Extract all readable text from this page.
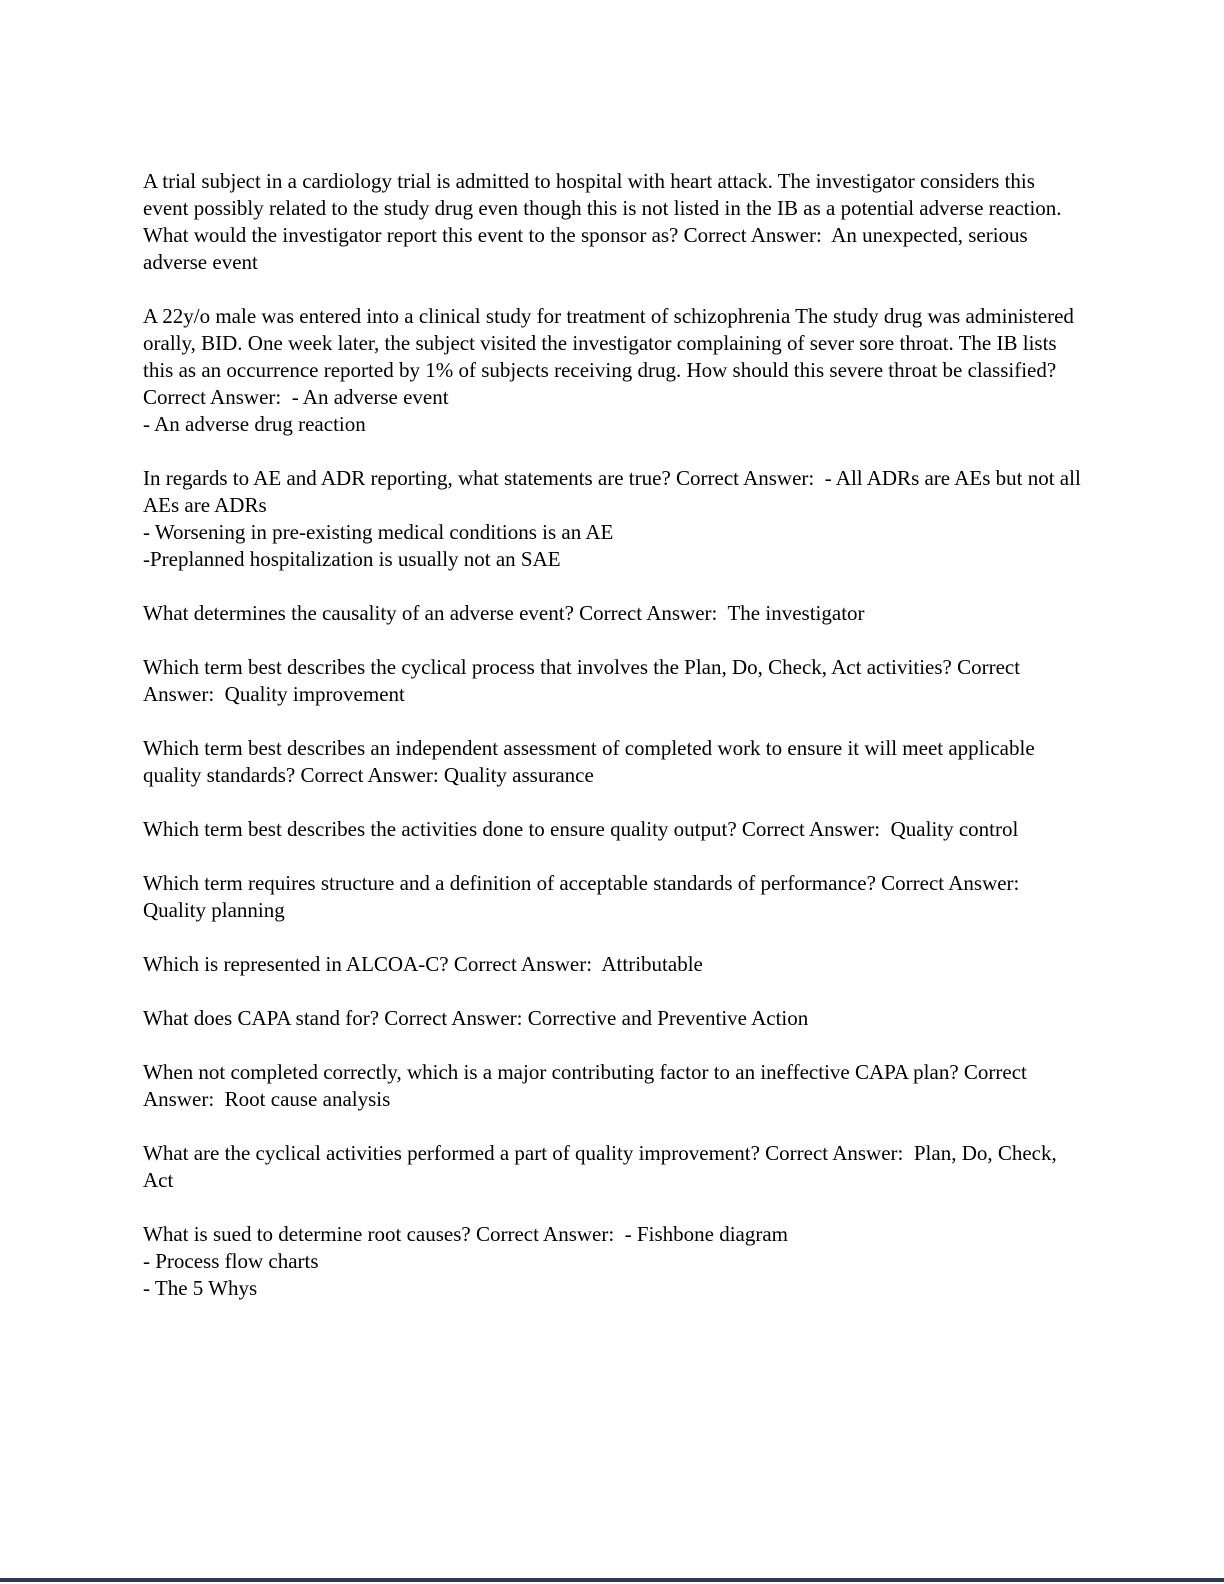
A trial subject in a cardiology trial is admitted to hospital with heart attack. The investigator considers this event possibly related to the study drug even though this is not listed in the IB as a potential adverse reaction. What would the investigator report this event to the sponsor as? Correct Answer:  An unexpected, serious adverse event
A 22y/o male was entered into a clinical study for treatment of schizophrenia The study drug was administered orally, BID. One week later, the subject visited the investigator complaining of sever sore throat. The IB lists this as an occurrence reported by 1% of subjects receiving drug. How should this severe throat be classified? Correct Answer:  - An adverse event
- An adverse drug reaction
In regards to AE and ADR reporting, what statements are true? Correct Answer:  - All ADRs are AEs but not all AEs are ADRs
- Worsening in pre-existing medical conditions is an AE
-Preplanned hospitalization is usually not an SAE
What determines the causality of an adverse event? Correct Answer:  The investigator
Which term best describes the cyclical process that involves the Plan, Do, Check, Act activities? Correct Answer:  Quality improvement
Which term best describes an independent assessment of completed work to ensure it will meet applicable quality standards? Correct Answer: Quality assurance
Which term best describes the activities done to ensure quality output? Correct Answer:  Quality control
Which term requires structure and a definition of acceptable standards of performance? Correct Answer: Quality planning
Which is represented in ALCOA-C? Correct Answer:  Attributable
What does CAPA stand for? Correct Answer: Corrective and Preventive Action
When not completed correctly, which is a major contributing factor to an ineffective CAPA plan? Correct Answer:  Root cause analysis
What are the cyclical activities performed a part of quality improvement? Correct Answer:  Plan, Do, Check, Act
What is sued to determine root causes? Correct Answer:  - Fishbone diagram
- Process flow charts
- The 5 Whys
